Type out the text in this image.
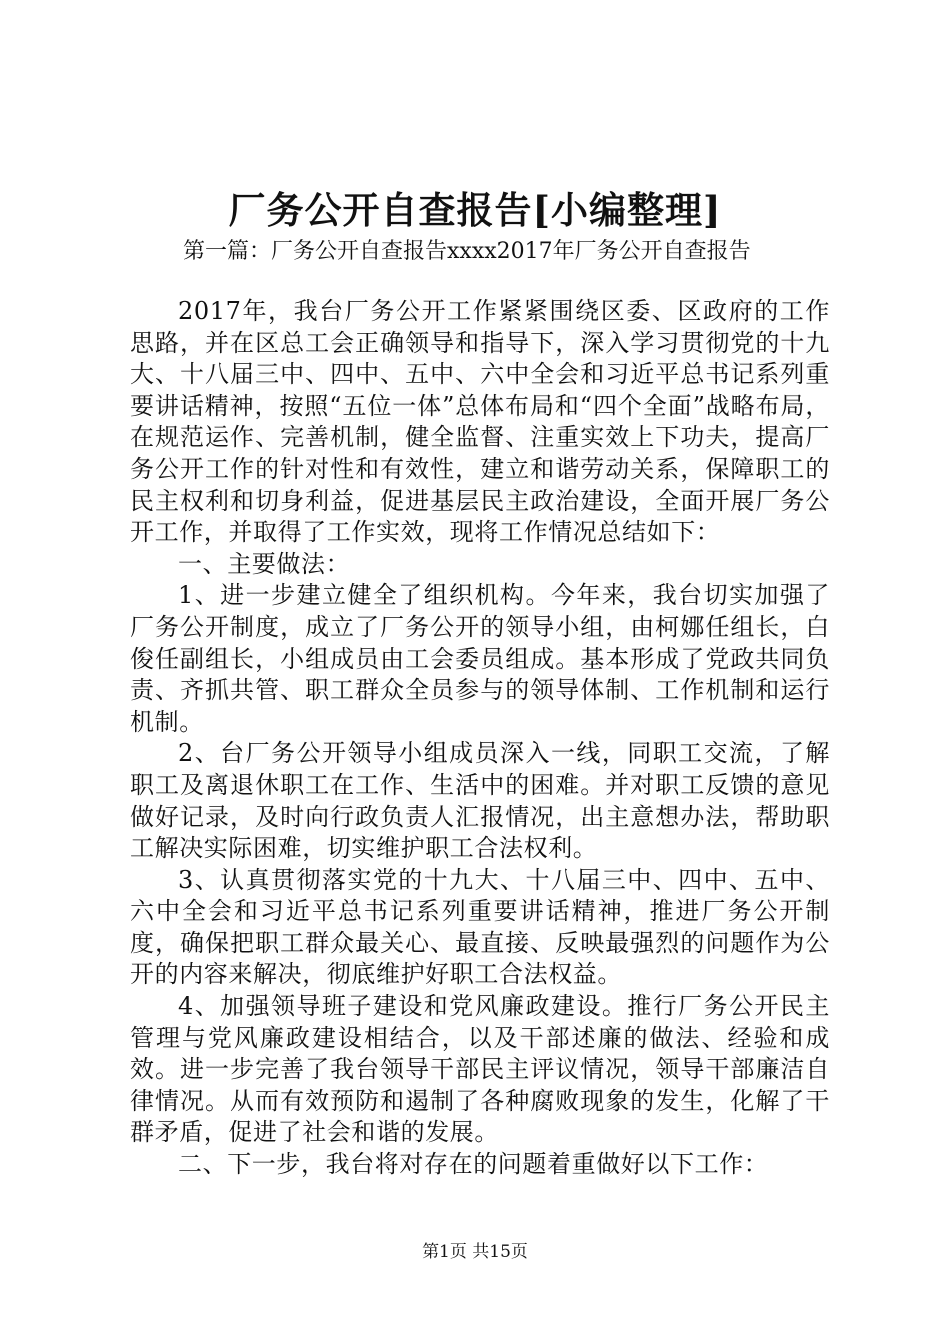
厂务公开自查报告[小编整理]

第一篇：厂务公开自查报告xxxx2017年厂务公开自查报告

2017年，我台厂务公开工作紧紧围绕区委、区政府的工作思路，并在区总工会正确领导和指导下，深入学习贯彻党的十九大、十八届三中、四中、五中、六中全会和习近平总书记系列重要讲话精神，按照“五位一体”总体布局和“四个全面”战略布局，在规范运作、完善机制，健全监督、注重实效上下功夫，提高厂务公开工作的针对性和有效性，建立和谐劳动关系，保障职工的民主权利和切身利益，促进基层民主政治建设，全面开展厂务公开工作，并取得了工作实效，现将工作情况总结如下：

一、主要做法：

1、进一步建立健全了组织机构。今年来，我台切实加强了厂务公开制度，成立了厂务公开的领导小组，由柯娜任组长，白俊任副组长，小组成员由工会委员组成。基本形成了党政共同负责、齐抓共管、职工群众全员参与的领导体制、工作机制和运行机制。

2、台厂务公开领导小组成员深入一线，同职工交流，了解职工及离退休职工在工作、生活中的困难。并对职工反馈的意见做好记录，及时向行政负责人汇报情况，出主意想办法，帮助职工解决实际困难，切实维护职工合法权利。

3、认真贯彻落实党的十九大、十八届三中、四中、五中、六中全会和习近平总书记系列重要讲话精神，推进厂务公开制度，确保把职工群众最关心、最直接、反映最强烈的问题作为公开的内容来解决，彻底维护好职工合法权益。

4、加强领导班子建设和党风廉政建设。推行厂务公开民主管理与党风廉政建设相结合，以及干部述廉的做法、经验和成效。进一步完善了我台领导干部民主评议情况，领导干部廉洁自律情况。从而有效预防和遏制了各种腐败现象的发生，化解了干群矛盾，促进了社会和谐的发展。

二、下一步，我台将对存在的问题着重做好以下工作：

第1页 共15页
